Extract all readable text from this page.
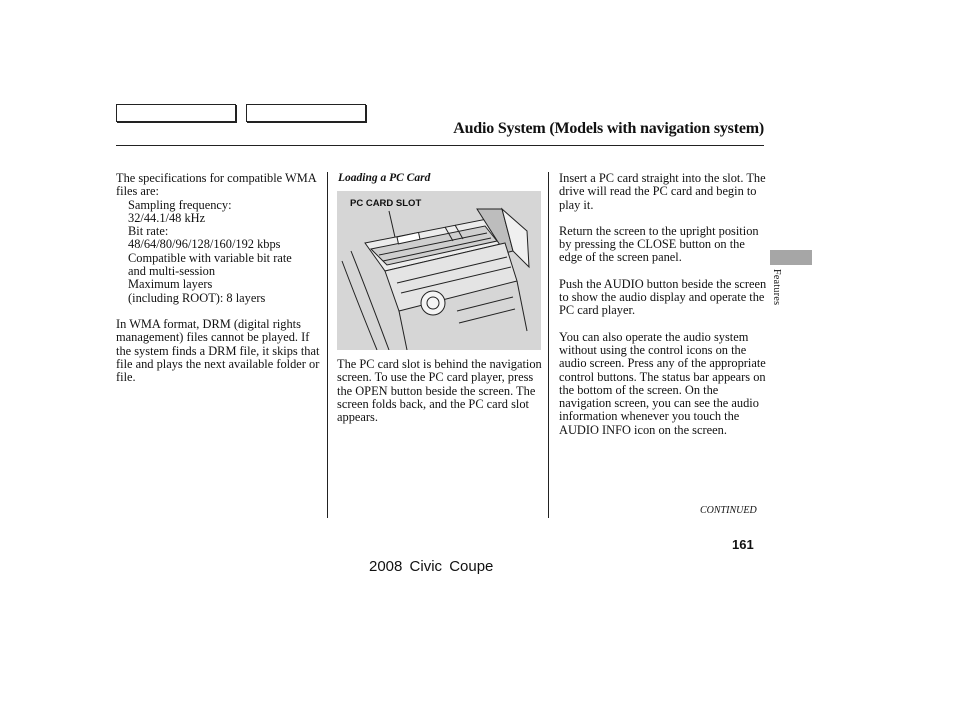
Audio System (Models with navigation system)
The specifications for compatible WMA files are:
Sampling frequency:
32/44.1/48 kHz
Bit rate:
48/64/80/96/128/160/192 kbps
Compatible with variable bit rate
and multi-session
Maximum layers
(including ROOT): 8 layers
In WMA format, DRM (digital rights management) files cannot be played. If the system finds a DRM file, it skips that file and plays the next available folder or file.
Loading a PC Card
PC CARD SLOT
The PC card slot is behind the navigation screen. To use the PC card player, press the OPEN button beside the screen. The screen folds back, and the PC card slot appears.
Insert a PC card straight into the slot. The drive will read the PC card and begin to play it.
Return the screen to the upright position by pressing the CLOSE button on the edge of the screen panel.
Push the AUDIO button beside the screen to show the audio display and operate the PC card player.
You can also operate the audio system without using the control icons on the audio screen. Press any of the appropriate control buttons. The status bar appears on the bottom of the screen. On the navigation screen, you can see the audio information whenever you touch the AUDIO INFO icon on the screen.
Features
CONTINUED
161
2008 Civic Coupe
